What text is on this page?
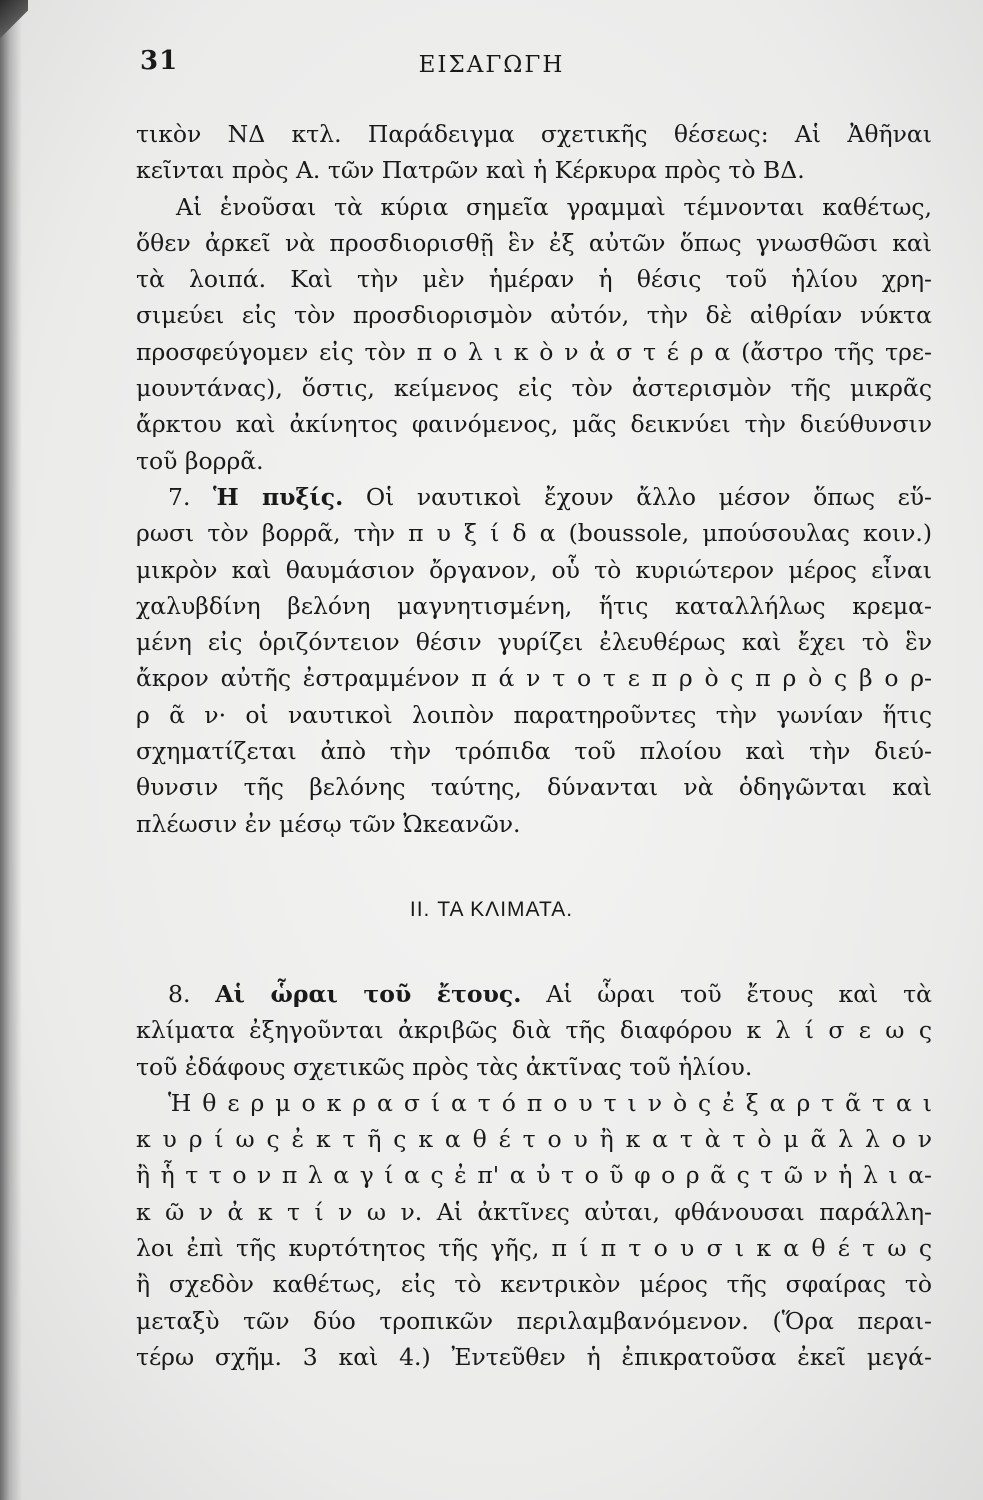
31	ΕΙΣΑΓΩΓΗ
τικὸν ΝΔ κτλ. Παράδειγμα σχετικῆς θέσεως: Αἱ Ἀθῆναι
κεῖνται πρὸς Α. τῶν Πατρῶν καὶ ἡ Κέρκυρα πρὸς τὸ ΒΔ.
Αἱ ἑνοῦσαι τὰ κύρια σημεῖα γραμμαὶ τέμνονται καθέτως,
ὅθεν ἀρκεῖ νὰ προσδιορισθῇ ἓν ἐξ αὐτῶν ὅπως γνωσθῶσι καὶ
τὰ λοιπά. Καὶ τὴν μὲν ἡμέραν ἡ θέσις τοῦ ἡλίου χρη-
σιμεύει εἰς τὸν προσδιορισμὸν αὐτόν, τὴν δὲ αἰθρίαν νύκτα
προσφεύγομεν εἰς τὸν π ο λ ι κ ὸ ν ἀ σ τ έ ρ α (ἄστρο τῆς τρε-
μουντάνας), ὅστις, κείμενος εἰς τὸν ἀστερισμὸν τῆς μικρᾶς
ἄρκτου καὶ ἀκίνητος φαινόμενος, μᾶς δεικνύει τὴν διεύθυνσιν
τοῦ βορρᾶ.
7. Ἡ πυξίς. Οἱ ναυτικοὶ ἔχουν ἄλλο μέσον ὅπως εὕ-
ρωσι τὸν βορρᾶ, τὴν π υ ξ ί δ α (boussole, μπούσουλας κοιν.)
μικρὸν καὶ θαυμάσιον ὄργανον, οὗ τὸ κυριώτερον μέρος εἶναι
χαλυβδίνη βελόνη μαγνητισμένη, ἥτις καταλλήλως κρεμα-
μένη εἰς ὁριζόντειον θέσιν γυρίζει ἐλευθέρως καὶ ἔχει τὸ ἓν
ἄκρον αὐτῆς ἐστραμμένον π ά ν τ ο τ ε π ρ ὸ ς π ρ ὸ ς β ο ρ-
ρ ᾶ ν· οἱ ναυτικοὶ λοιπὸν παρατηροῦντες τὴν γωνίαν ἥτις
σχηματίζεται ἀπὸ τὴν τρόπιδα τοῦ πλοίου καὶ τὴν διεύ-
θυνσιν τῆς βελόνης ταύτης, δύνανται νὰ ὁδηγῶνται καὶ
πλέωσιν ἐν μέσῳ τῶν Ὠκεανῶν.
II. ΤΑ ΚΛΙΜΑΤΑ.
8. Αἱ ὧραι τοῦ ἔτους. Αἱ ὧραι τοῦ ἔτους καὶ τὰ
κλίματα ἐξηγοῦνται ἀκριβῶς διὰ τῆς διαφόρου κ λ ί σ ε ω ς
τοῦ ἐδάφους σχετικῶς πρὸς τὰς ἀκτῖνας τοῦ ἡλίου.
Ἡ θ ε ρ μ ο κ ρ α σ ί α τ ό π ο υ τ ι ν ὸ ς ἐ ξ α ρ τ ᾶ τ α ι
κ υ ρ ί ω ς ἐ κ τ ῆ ς κ α θ έ τ ο υ ἢ κ α τ ὰ τ ὸ μ ᾶ λ λ ο ν
ἢ ἧ τ τ ο ν π λ α γ ί α ς ἐ π' α ὐ τ ο ῦ φ ο ρ ᾶ ς τ ῶ ν ἡ λ ι α-
κ ῶ ν ἀ κ τ ί ν ω ν. Αἱ ἀκτῖνες αὐται, φθάνουσαι παράλλη-
λοι ἐπὶ τῆς κυρτότητος τῆς γῆς, π ί π τ ο υ σ ι κ α θ έ τ ω ς
ἢ σχεδὸν καθέτως, εἰς τὸ κεντρικὸν μέρος τῆς σφαίρας τὸ
μεταξὺ τῶν δύο τροπικῶν περιλαμβανόμενον. (Ὅρα περαι-
τέρω σχῆμ. 3 καὶ 4.) Ἐντεῦθεν ἡ ἐπικρατοῦσα ἐκεῖ μεγά-
